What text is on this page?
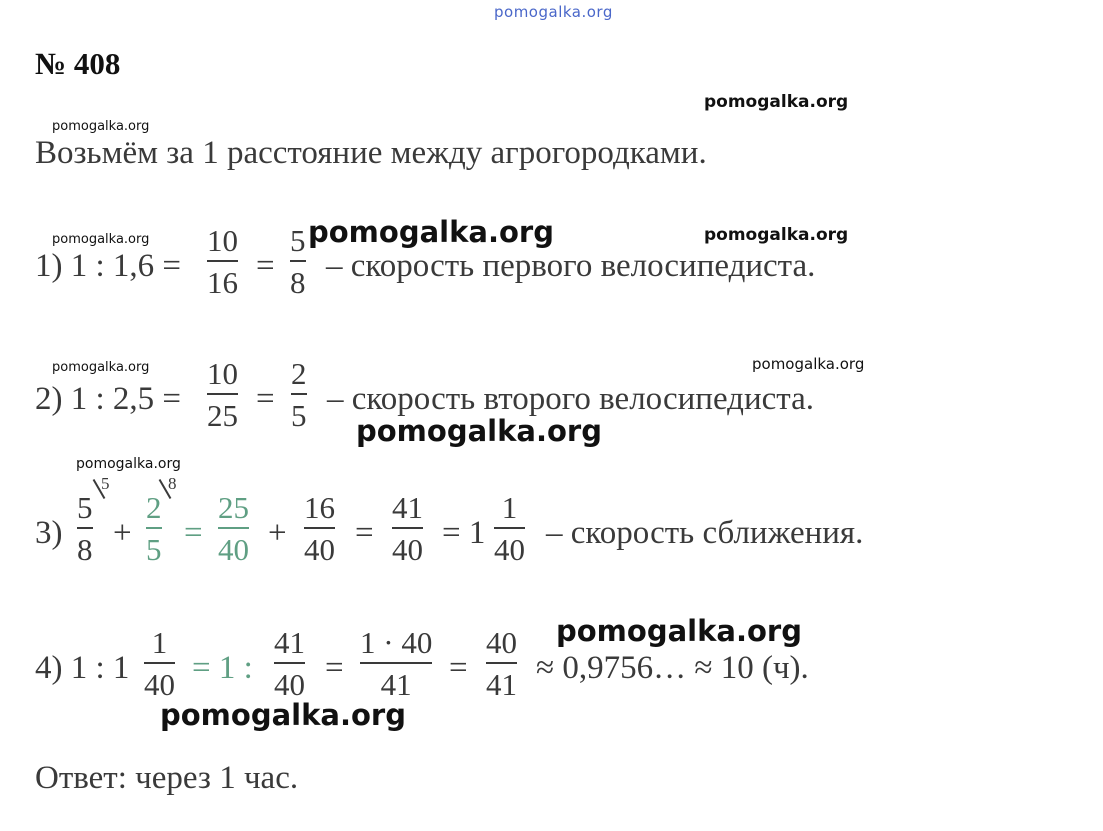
pomogalka.org
№ 408
pomogalka.org
pomogalka.org
Возьмём за 1 расстояние между агрогородками.
pomogalka.org	pomogalka.org	pomogalka.org
1) 1 : 1,6 =
10
16 =
5
8 – скорость первого велосипедиста.
pomogalka.org	pomogalka.org
2) 1 : 2,5 =
10
25 =
2
5 – скорость второго велосипедиста.
pomogalka.org
pomogalka.org
3)
5
8
5
+
2
5
8
=
25
40 +
16
40 =
41
40 = 1
1
40 – скорость сближения.
pomogalka.org
4) 1 : 1
1
40 = 1 :
41
40 =
1 · 40
41 =
40
41 ≈ 0,9756… ≈ 10 (ч).
pomogalka.org
Ответ: через 1 час.
